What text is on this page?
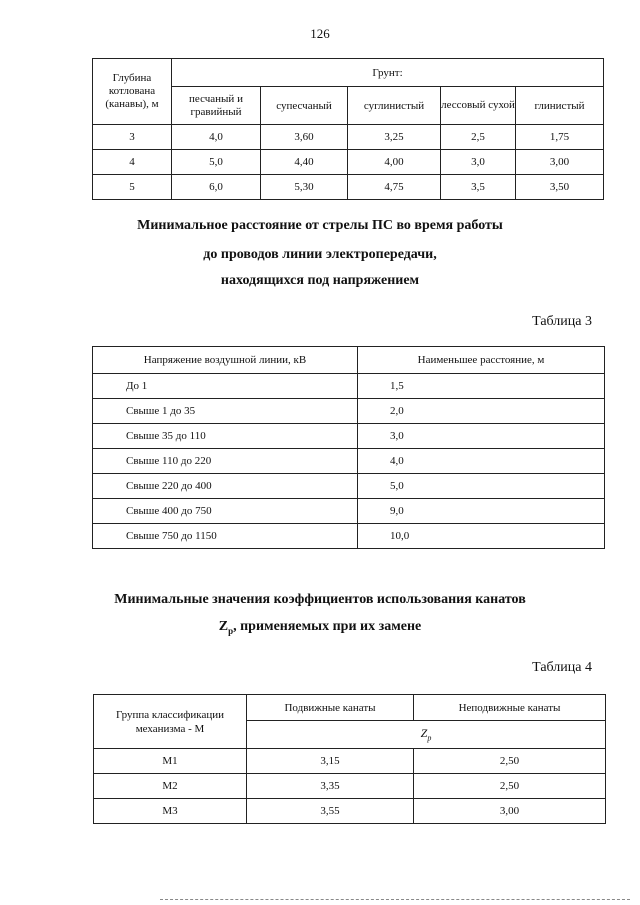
126
Глубина котлована (канавы), м	Грунт:				
	песчаный и гравийный	супесчаный	суглинистый	лессовый сухой	глинистый
3	4,0	3,60	3,25	2,5	1,75
4	5,0	4,40	4,00	3,0	3,00
5	6,0	5,30	4,75	3,5	3,50
Минимальное расстояние от стрелы ПС во время работы
до проводов линии электропередачи,
находящихся под напряжением
Таблица 3
Напряжение воздушной линии, кВ	Наименьшее расстояние, м
До 1	1,5
Свыше 1 до 35	2,0
Свыше 35 до 110	3,0
Свыше 110 до 220	4,0
Свыше 220 до 400	5,0
Свыше 400 до 750	9,0
Свыше 750 до 1150	10,0
Минимальные значения коэффициентов использования канатов
$Z_р$, применяемых при их замене
Таблица 4
Группа классификации механизма - М	Подвижные канаты	Неподвижные канаты
	$Z_p$
М1	3,15	2,50
М2	3,35	2,50
М3	3,55	3,00
